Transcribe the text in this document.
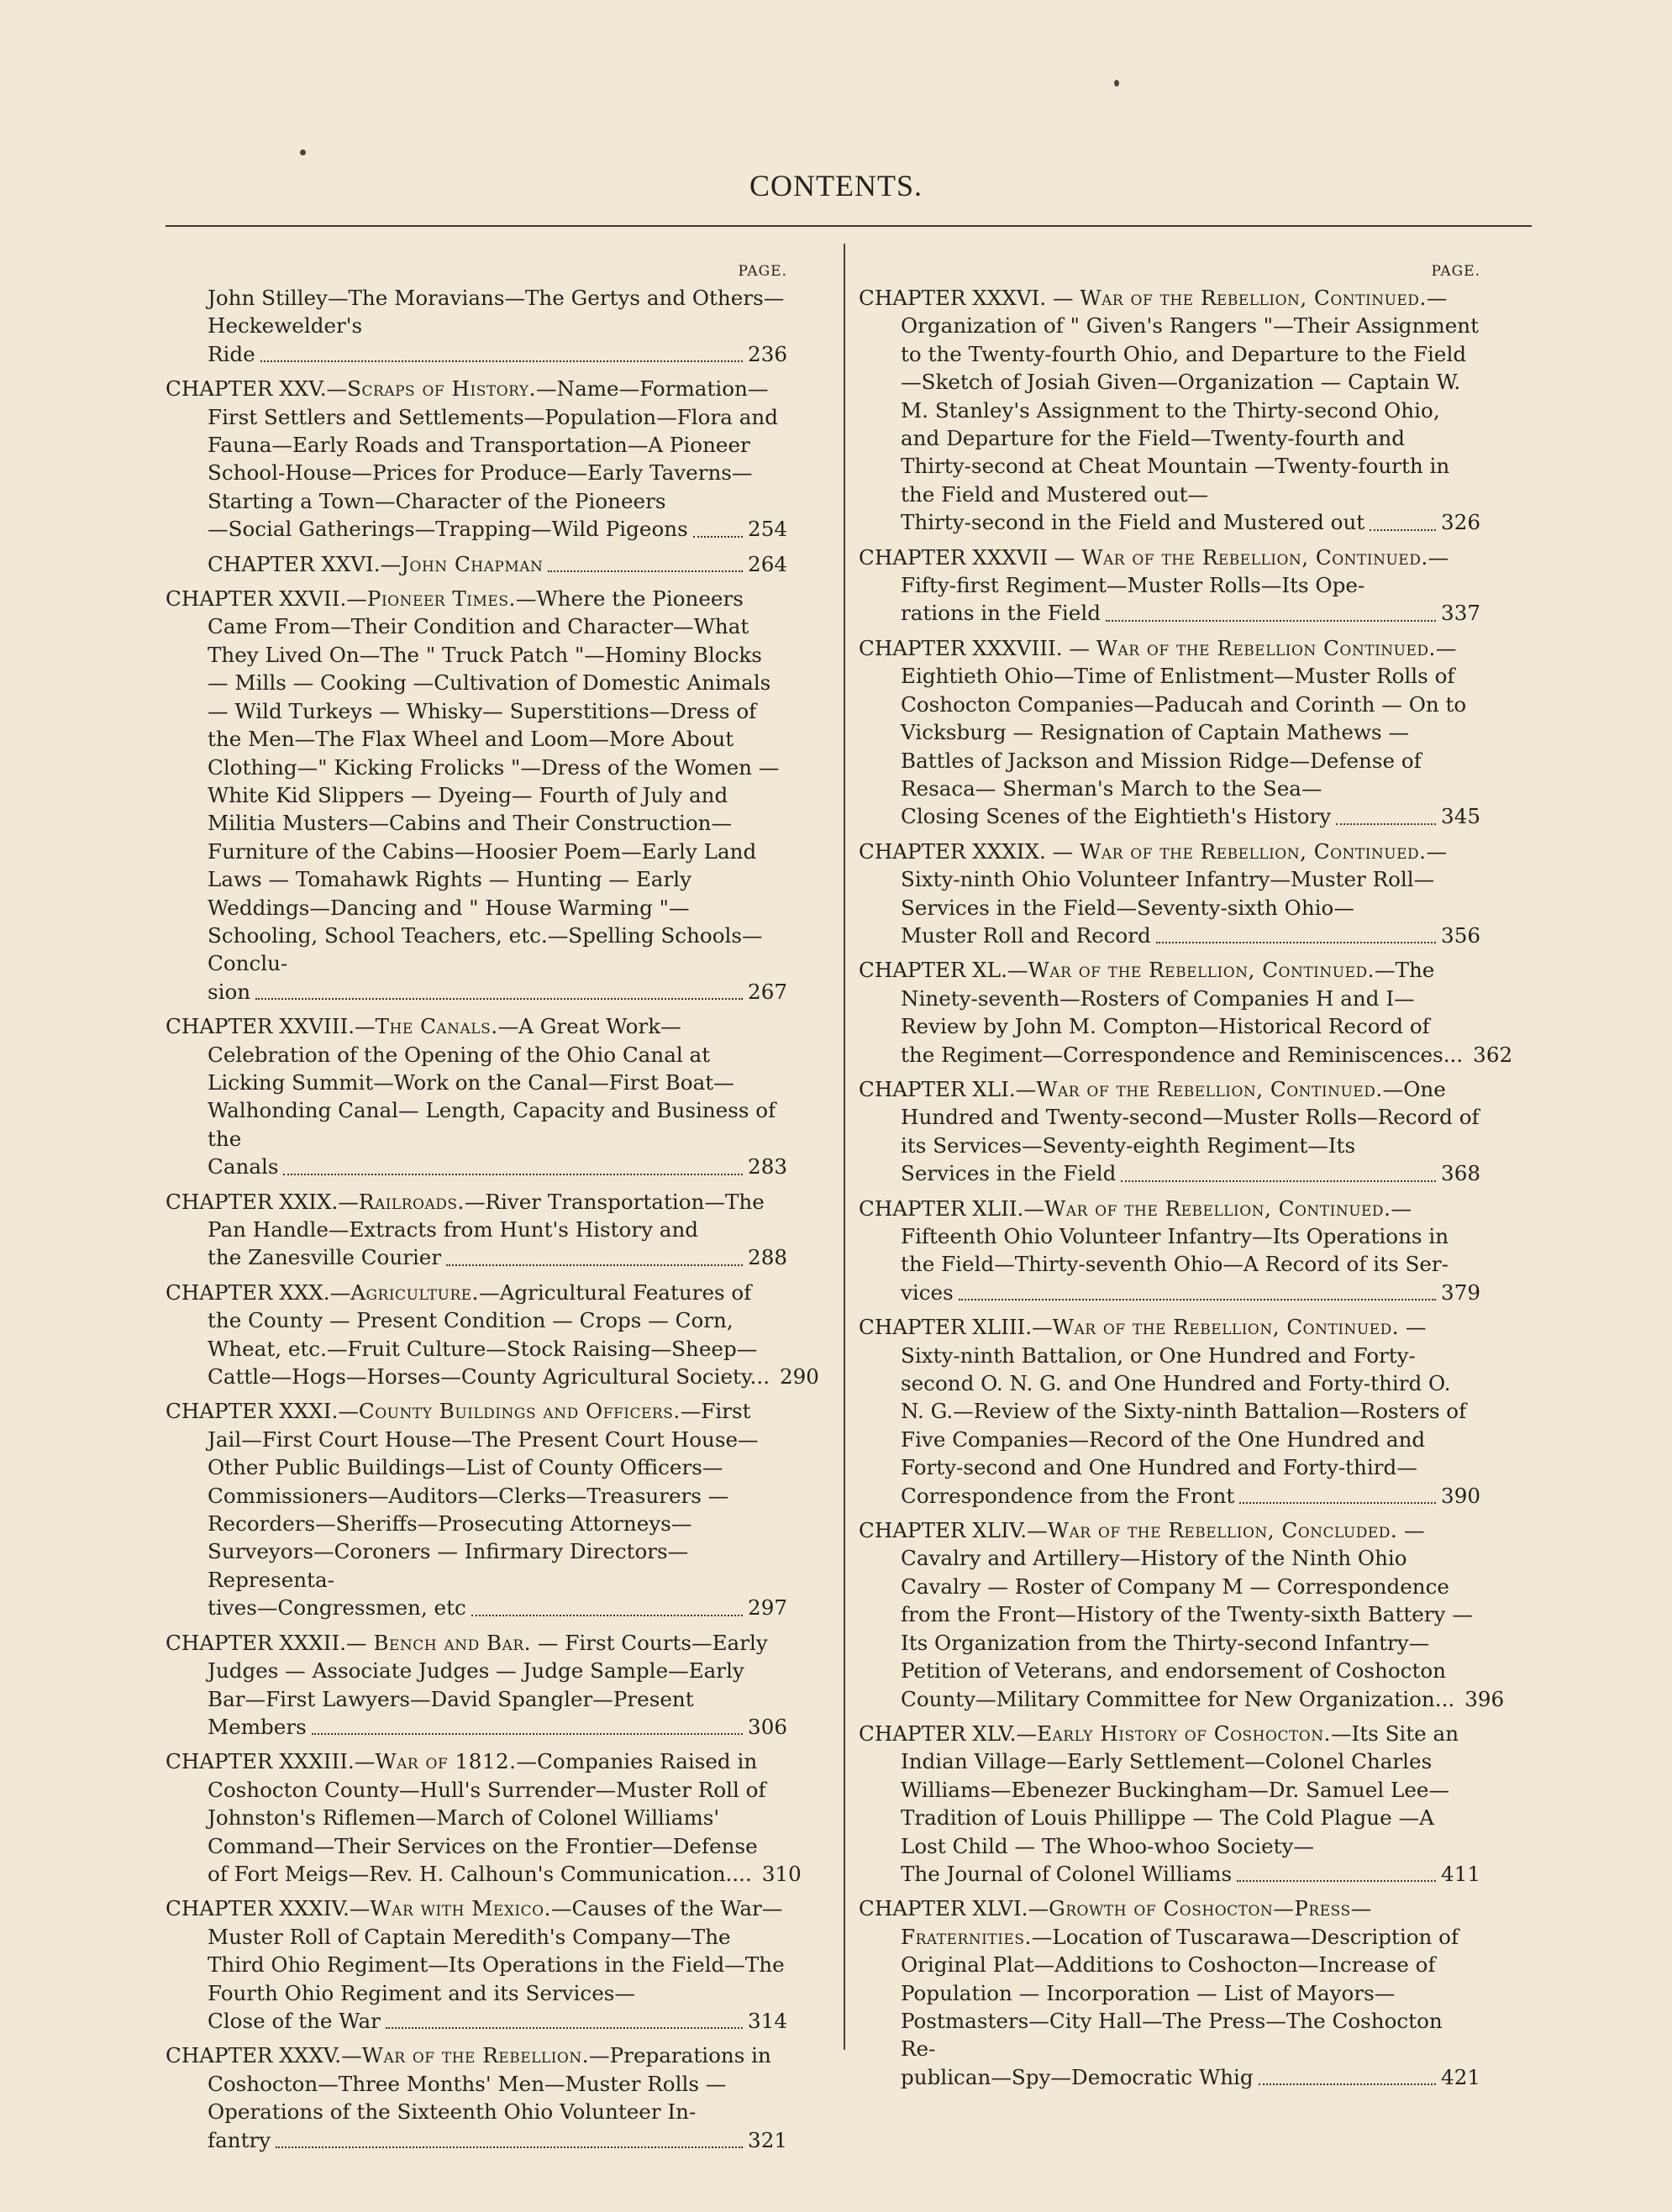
CONTENTS.
PAGE.

John Stilley—The Moravians—The Gertys and Others—Heckewelder's
Ride	236

CHAPTER XXV.—Scraps of History.—Name—Formation—First Settlers and Settlements—Population—Flora and Fauna—Early Roads and Transportation—A Pioneer School-House—Prices for Produce—Early Taverns—Starting a Town—Character of the Pioneers
—Social Gatherings—Trapping—Wild Pigeons	254

CHAPTER XXVI.—John Chapman	264

CHAPTER XXVII.—Pioneer Times.—Where the Pioneers Came From—Their Condition and Character—What They Lived On—The " Truck Patch "—Hominy Blocks — Mills — Cooking —Cultivation of Domestic Animals — Wild Turkeys — Whisky— Superstitions—Dress of the Men—The Flax Wheel and Loom—More About Clothing—" Kicking Frolicks "—Dress of the Women — White Kid Slippers — Dyeing— Fourth of July and Militia Musters—Cabins and Their Construction—Furniture of the Cabins—Hoosier Poem—Early Land Laws — Tomahawk Rights — Hunting — Early Weddings—Dancing and " House Warming "—Schooling, School Teachers, etc.—Spelling Schools—Conclu-
sion	267

CHAPTER XXVIII.—The Canals.—A Great Work—Celebration of the Opening of the Ohio Canal at Licking Summit—Work on the Canal—First Boat—Walhonding Canal— Length, Capacity and Business of the
Canals	283

CHAPTER XXIX.—Railroads.—River Transportation—The Pan Handle—Extracts from Hunt's History and
the Zanesville Courier	288

CHAPTER XXX.—Agriculture.—Agricultural Features of the County — Present Condition — Crops — Corn, Wheat, etc.—Fruit Culture—Stock Raising—Sheep—
Cattle—Hogs—Horses—County Agricultural Society... 290

CHAPTER XXXI.—County Buildings and Officers.—First Jail—First Court House—The Present Court House—Other Public Buildings—List of County Officers—Commissioners—Auditors—Clerks—Treasurers —Recorders—Sheriffs—Prosecuting Attorneys—Surveyors—Coroners — Infirmary Directors—Representa-
tives—Congressmen, etc	297

CHAPTER XXXII.— Bench and Bar. — First Courts—Early Judges — Associate Judges — Judge Sample—Early Bar—First Lawyers—David Spangler—Present
Members	306

CHAPTER XXXIII.—War of 1812.—Companies Raised in Coshocton County—Hull's Surrender—Muster Roll of Johnston's Riflemen—March of Colonel Williams' Command—Their Services on the Frontier—Defense
of Fort Meigs—Rev. H. Calhoun's Communication.... 310

CHAPTER XXXIV.—War with Mexico.—Causes of the War—Muster Roll of Captain Meredith's Company—The Third Ohio Regiment—Its Operations in the Field—The Fourth Ohio Regiment and its Services—
Close of the War	314

CHAPTER XXXV.—War of the Rebellion.—Preparations in Coshocton—Three Months' Men—Muster Rolls —Operations of the Sixteenth Ohio Volunteer In-
fantry	321

PAGE.

CHAPTER XXXVI. — War of the Rebellion, Continued.—Organization of " Given's Rangers "—Their Assignment to the Twenty-fourth Ohio, and Departure to the Field—Sketch of Josiah Given—Organization — Captain W. M. Stanley's Assignment to the Thirty-second Ohio, and Departure for the Field—Twenty-fourth and Thirty-second at Cheat Mountain —Twenty-fourth in the Field and Mustered out—
Thirty-second in the Field and Mustered out	326

CHAPTER XXXVII — War of the Rebellion, Continued.—Fifty-first Regiment—Muster Rolls—Its Ope-
rations in the Field	337

CHAPTER XXXVIII. — War of the Rebellion Continued.—Eightieth Ohio—Time of Enlistment—Muster Rolls of Coshocton Companies—Paducah and Corinth — On to Vicksburg — Resignation of Captain Mathews — Battles of Jackson and Mission Ridge—Defense of Resaca— Sherman's March to the Sea—
Closing Scenes of the Eightieth's History	345

CHAPTER XXXIX. — War of the Rebellion, Continued.—Sixty-ninth Ohio Volunteer Infantry—Muster Roll—Services in the Field—Seventy-sixth Ohio—
Muster Roll and Record	356

CHAPTER XL.—War of the Rebellion, Continued.—The Ninety-seventh—Rosters of Companies H and I—Review by John M. Compton—Historical Record of
the Regiment—Correspondence and Reminiscences... 362

CHAPTER XLI.—War of the Rebellion, Continued.—One Hundred and Twenty-second—Muster Rolls—Record of its Services—Seventy-eighth Regiment—Its
Services in the Field	368

CHAPTER XLII.—War of the Rebellion, Continued.—Fifteenth Ohio Volunteer Infantry—Its Operations in the Field—Thirty-seventh Ohio—A Record of its Ser-
vices	379

CHAPTER XLIII.—War of the Rebellion, Continued. —Sixty-ninth Battalion, or One Hundred and Forty-second O. N. G. and One Hundred and Forty-third O. N. G.—Review of the Sixty-ninth Battalion—Rosters of Five Companies—Record of the One Hundred and Forty-second and One Hundred and Forty-third—
Correspondence from the Front	390

CHAPTER XLIV.—War of the Rebellion, Concluded. —Cavalry and Artillery—History of the Ninth Ohio Cavalry — Roster of Company M — Correspondence from the Front—History of the Twenty-sixth Battery —Its Organization from the Thirty-second Infantry—Petition of Veterans, and endorsement of Coshocton
County—Military Committee for New Organization... 396

CHAPTER XLV.—Early History of Coshocton.—Its Site an Indian Village—Early Settlement—Colonel Charles Williams—Ebenezer Buckingham—Dr. Samuel Lee—Tradition of Louis Phillippe — The Cold Plague —A Lost Child — The Whoo-whoo Society—
The Journal of Colonel Williams	411

CHAPTER XLVI.—Growth of Coshocton—Press—Fraternities.—Location of Tuscarawa—Description of Original Plat—Additions to Coshocton—Increase of Population — Incorporation — List of Mayors—Postmasters—City Hall—The Press—The Coshocton Re-
publican—Spy—Democratic Whig	421
